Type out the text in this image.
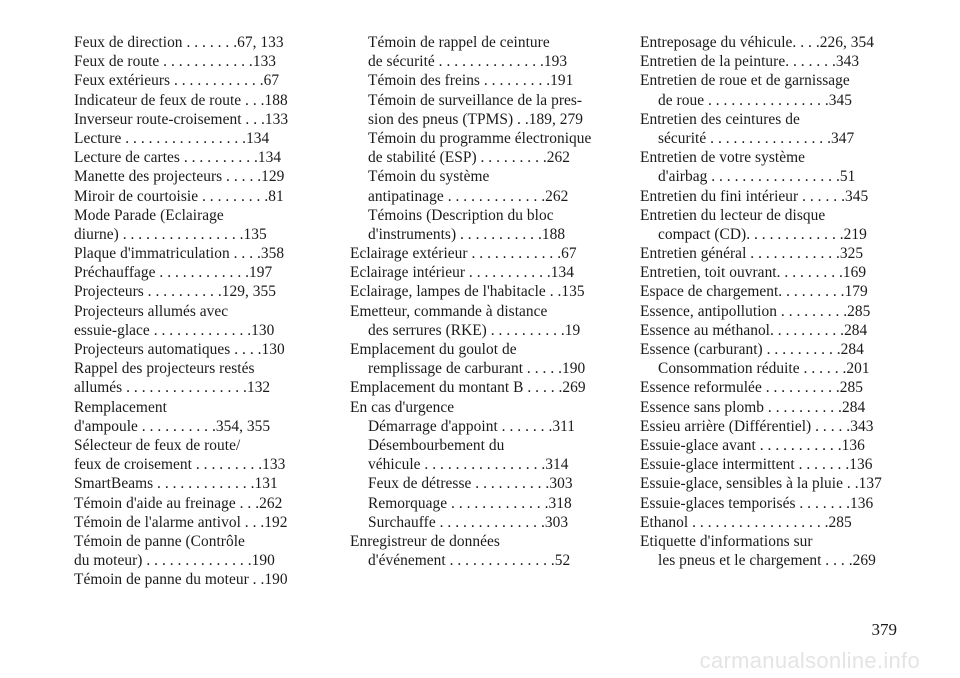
Feux de direction . . . . . . .67, 133
Feux de route . . . . . . . . . . . .133
Feux extérieurs . . . . . . . . . . . .67
Indicateur de feux de route . . .188
Inverseur route-croisement . . .133
Lecture . . . . . . . . . . . . . . . .134
Lecture de cartes . . . . . . . . . .134
Manette des projecteurs . . . . .129
Miroir de courtoisie . . . . . . . . .81
Mode Parade (Eclairage
diurne) . . . . . . . . . . . . . . . .135
Plaque d'immatriculation . . . .358
Préchauffage . . . . . . . . . . . .197
Projecteurs . . . . . . . . . .129, 355
Projecteurs allumés avec
essuie-glace . . . . . . . . . . . . .130
Projecteurs automatiques . . . .130
Rappel des projecteurs restés
allumés . . . . . . . . . . . . . . . .132
Remplacement
d'ampoule . . . . . . . . . .354, 355
Sélecteur de feux de route/
feux de croisement . . . . . . . . .133
SmartBeams . . . . . . . . . . . . .131
Témoin d'aide au freinage . . .262
Témoin de l'alarme antivol . . .192
Témoin de panne (Contrôle
du moteur) . . . . . . . . . . . . . .190
Témoin de panne du moteur . .190
Témoin de rappel de ceinture
de sécurité . . . . . . . . . . . . . .193
Témoin des freins . . . . . . . . .191
Témoin de surveillance de la pres-
sion des pneus (TPMS) . .189, 279
Témoin du programme électronique
de stabilité (ESP) . . . . . . . . .262
Témoin du système
antipatinage . . . . . . . . . . . . .262
Témoins (Description du bloc
d'instruments) . . . . . . . . . . .188
Eclairage extérieur . . . . . . . . . . . .67
Eclairage intérieur . . . . . . . . . . .134
Eclairage, lampes de l'habitacle . .135
Emetteur, commande à distance
des serrures (RKE) . . . . . . . . . .19
Emplacement du goulot de
remplissage de carburant . . . . .190
Emplacement du montant B . . . . .269
En cas d'urgence
Démarrage d'appoint . . . . . . .311
Désembourbement du
véhicule . . . . . . . . . . . . . . . .314
Feux de détresse . . . . . . . . . .303
Remorquage . . . . . . . . . . . . .318
Surchauffe . . . . . . . . . . . . . .303
Enregistreur de données
d'événement . . . . . . . . . . . . . .52
Entreposage du véhicule. . . .226, 354
Entretien de la peinture. . . . . . .343
Entretien de roue et de garnissage
de roue . . . . . . . . . . . . . . . .345
Entretien des ceintures de
sécurité . . . . . . . . . . . . . . . .347
Entretien de votre système
d'airbag . . . . . . . . . . . . . . . . .51
Entretien du fini intérieur . . . . . .345
Entretien du lecteur de disque
compact (CD). . . . . . . . . . . . .219
Entretien général . . . . . . . . . . . .325
Entretien, toit ouvrant. . . . . . . . .169
Espace de chargement. . . . . . . . .179
Essence, antipollution . . . . . . . . .285
Essence au méthanol. . . . . . . . . .284
Essence (carburant) . . . . . . . . . .284
Consommation réduite . . . . . .201
Essence reformulée . . . . . . . . . .285
Essence sans plomb . . . . . . . . . .284
Essieu arrière (Différentiel) . . . . .343
Essuie-glace avant . . . . . . . . . . .136
Essuie-glace intermittent . . . . . . .136
Essuie-glace, sensibles à la pluie . .137
Essuie-glaces temporisés . . . . . . .136
Ethanol . . . . . . . . . . . . . . . . . .285
Etiquette d'informations sur
les pneus et le chargement . . . .269
379
carmanualsonline.info
